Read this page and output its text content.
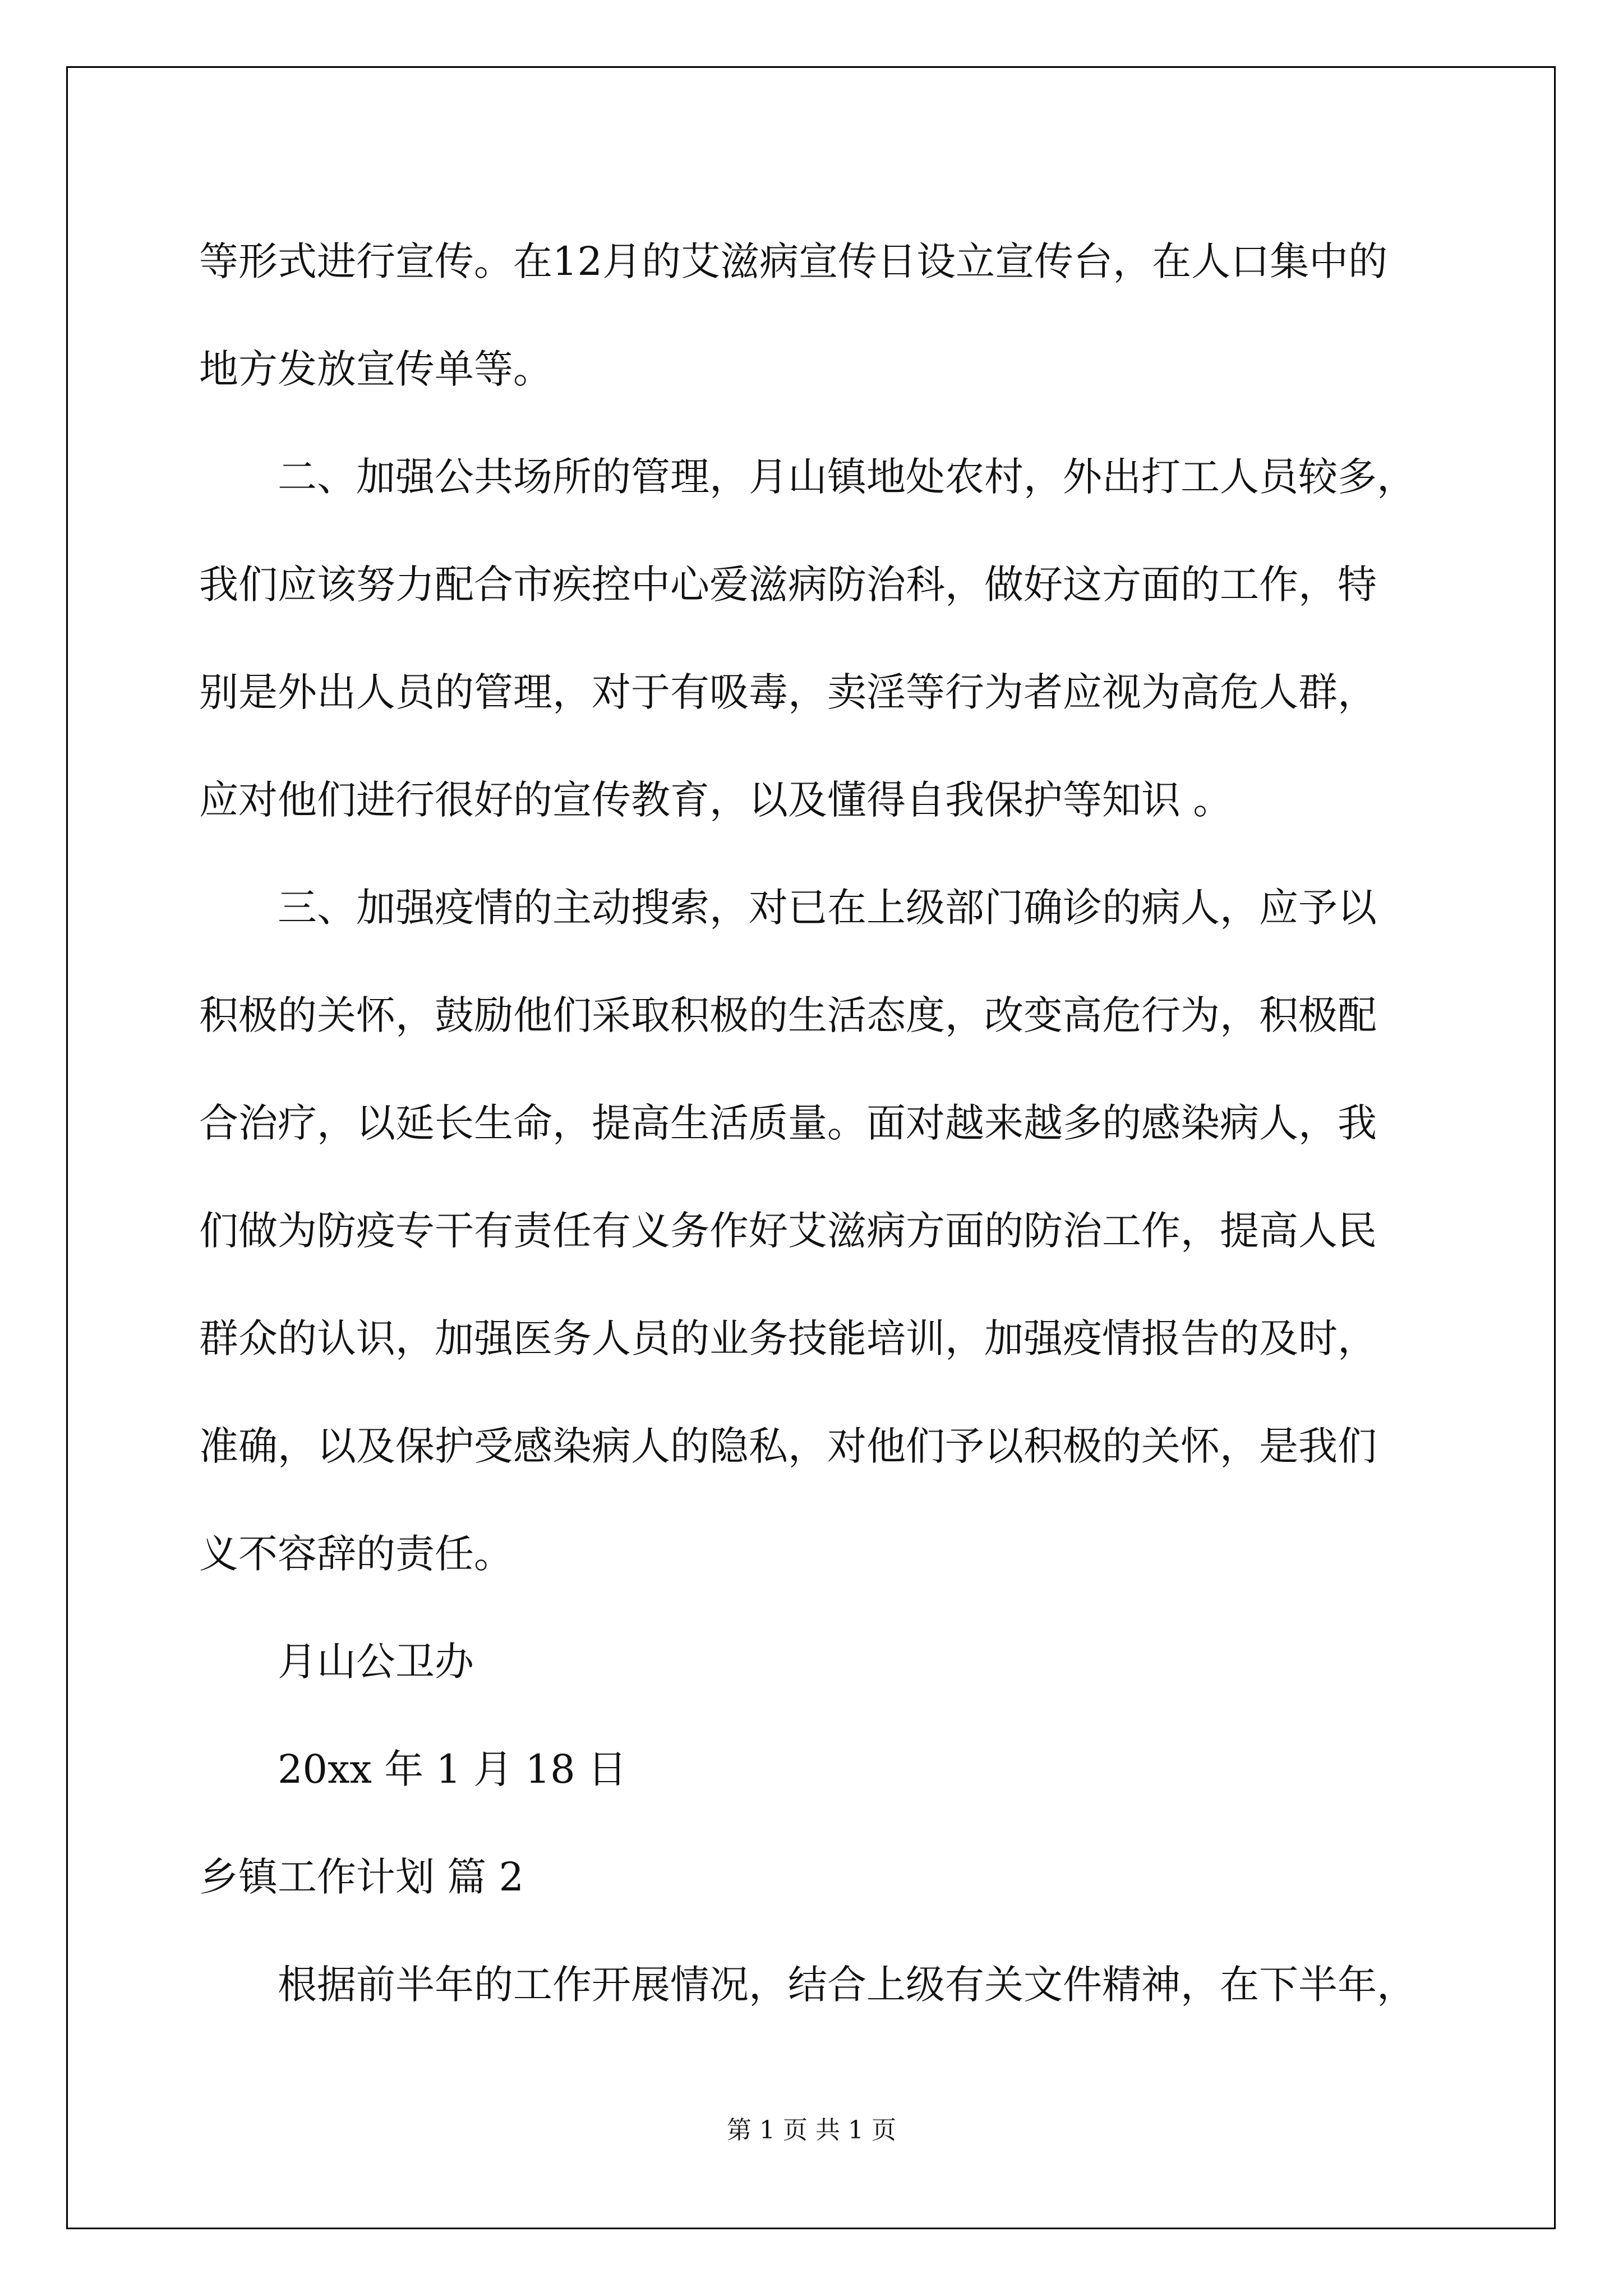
等形式进行宣传。在12月的艾滋病宣传日设立宣传台，在人口集中的

地方发放宣传单等。

二、加强公共场所的管理，月山镇地处农村，外出打工人员较多，

我们应该努力配合市疾控中心爱滋病防治科，做好这方面的工作，特

别是外出人员的管理，对于有吸毒，卖淫等行为者应视为高危人群，

应对他们进行很好的宣传教育，以及懂得自我保护等知识 。

三、加强疫情的主动搜索，对已在上级部门确诊的病人，应予以

积极的关怀，鼓励他们采取积极的生活态度，改变高危行为，积极配

合治疗，以延长生命，提高生活质量。面对越来越多的感染病人，我

们做为防疫专干有责任有义务作好艾滋病方面的防治工作，提高人民

群众的认识，加强医务人员的业务技能培训，加强疫情报告的及时，

准确，以及保护受感染病人的隐私，对他们予以积极的关怀，是我们

义不容辞的责任。

月山公卫办

20xx 年 1 月 18 日

乡镇工作计划 篇 2

根据前半年的工作开展情况，结合上级有关文件精神，在下半年，

第 1 页 共 1 页
